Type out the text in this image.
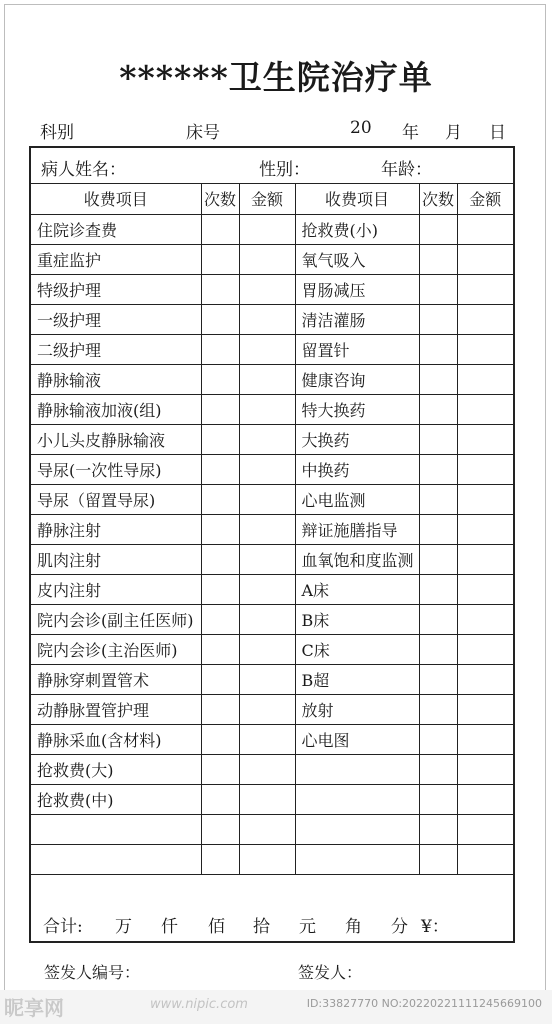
******卫生院治疗单
科别	床号	20 年 月 日
病人姓名：	性别：	年龄：
收费项目	次数	金额	收费项目	次数	金额
住院诊查费			抢救费(小)		
重症监护			氧气吸入		
特级护理			胃肠减压		
一级护理			清洁灌肠		
二级护理			留置针		
静脉输液			健康咨询		
静脉输液加液(组)			特大换药		
小儿头皮静脉输液			大换药		
导尿(一次性导尿)			中换药		
导尿（留置导尿)			心电监测		
静脉注射			辩证施膳指导		
肌肉注射			血氧饱和度监测		
皮内注射			A床		
院内会诊(副主任医师)			B床		
院内会诊(主治医师)			C床		
静脉穿刺置管术			B超		
动静脉置管护理			放射		
静脉采血(含材料)			心电图		
抢救费(大)					
抢救费(中)					

合计: 万 仟 佰 拾 元 角 分 ¥：
签发人编号：	签发人：
昵享网	www.nipic.com	ID:33827770 NO:20220221111245669100
